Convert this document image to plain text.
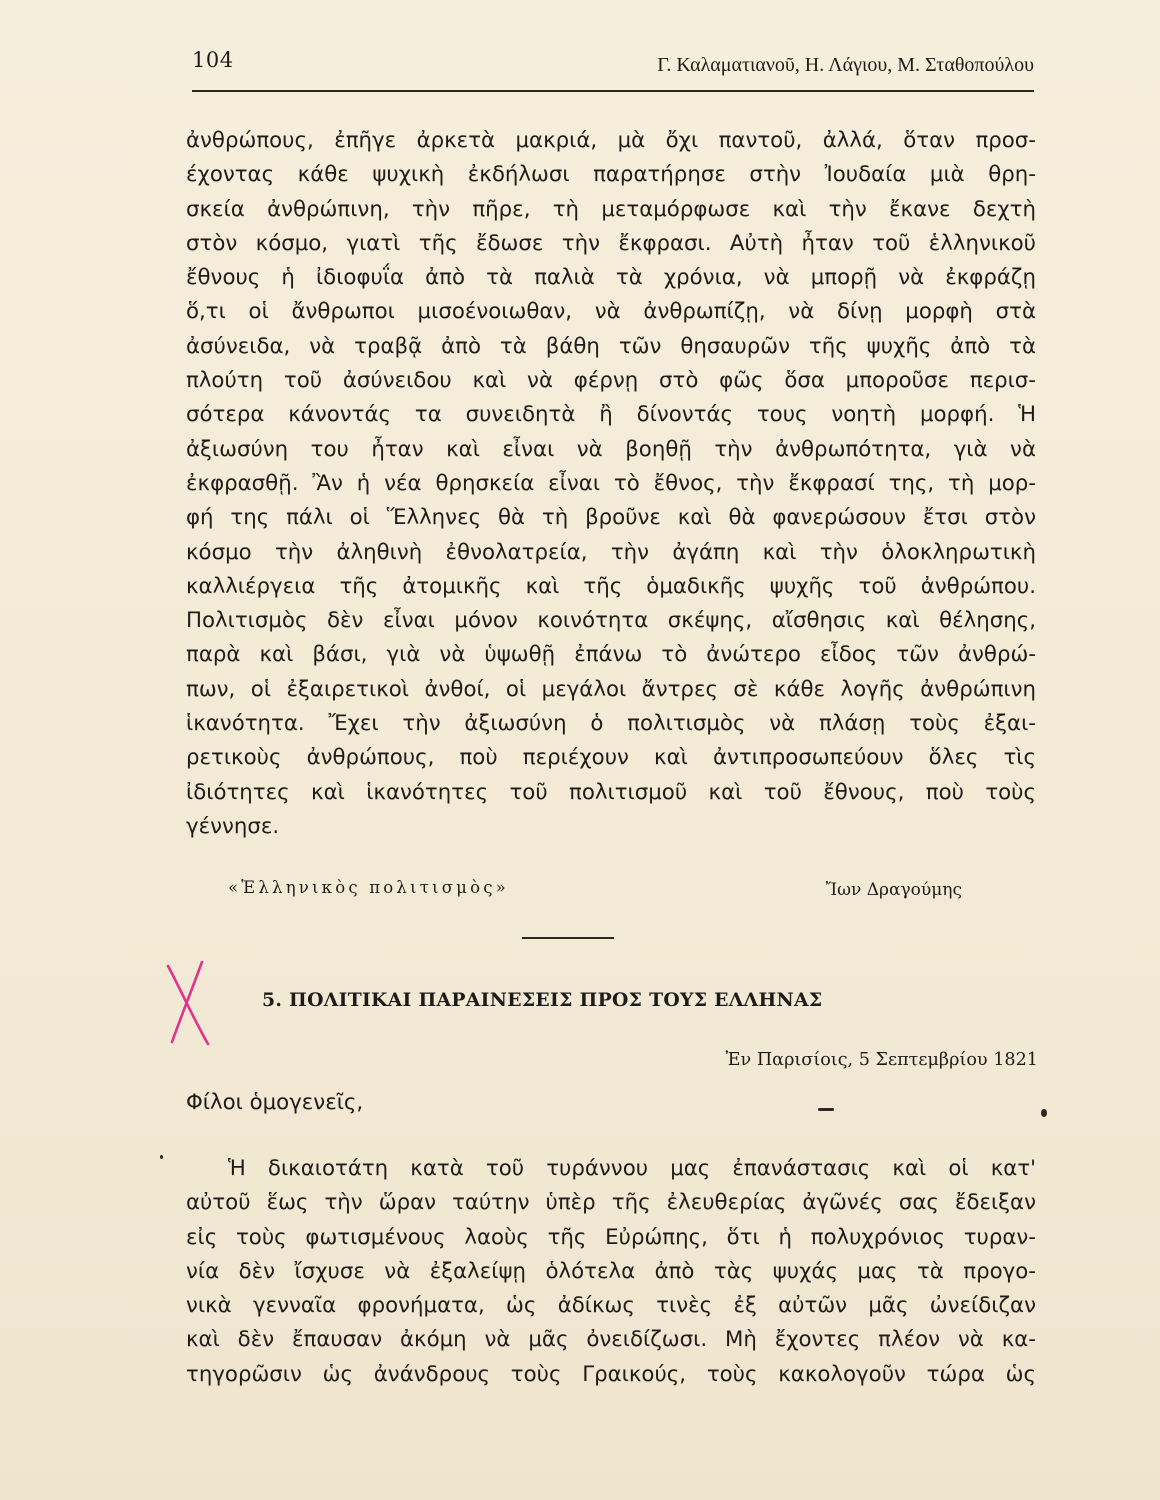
104	Γ. Καλαματιανοῦ, Η. Λάγιου, Μ. Σταθοπούλου
ἀνθρώπους, ἐπῆγε ἀρκετὰ μακριά, μὰ ὄχι παντοῦ, ἀλλά, ὅταν προσ-
έχοντας κάθε ψυχικὴ ἐκδήλωσι παρατήρησε στὴν Ἰουδαία μιὰ θρη-
σκεία ἀνθρώπινη, τὴν πῆρε, τὴ μεταμόρφωσε καὶ τὴν ἔκανε δεχτὴ
στὸν κόσμο, γιατὶ τῆς ἔδωσε τὴν ἔκφρασι. Αὐτὴ ἦταν τοῦ ἑλληνικοῦ
ἔθνους ἡ ἰδιοφυΐα ἀπὸ τὰ παλιὰ τὰ χρόνια, νὰ μπορῇ νὰ ἐκφράζῃ
ὅ,τι οἱ ἄνθρωποι μισοένοιωθαν, νὰ ἀνθρωπίζῃ, νὰ δίνῃ μορφὴ στὰ
ἀσύνειδα, νὰ τραβᾷ ἀπὸ τὰ βάθη τῶν θησαυρῶν τῆς ψυχῆς ἀπὸ τὰ
πλούτη τοῦ ἀσύνειδου καὶ νὰ φέρνῃ στὸ φῶς ὅσα μποροῦσε περισ-
σότερα κάνοντάς τα συνειδητὰ ἢ δίνοντάς τους νοητὴ μορφή. Ἡ
ἀξιωσύνη του ἦταν καὶ εἶναι νὰ βοηθῇ τὴν ἀνθρωπότητα, γιὰ νὰ
ἐκφρασθῇ. Ἂν ἡ νέα θρησκεία εἶναι τὸ ἔθνος, τὴν ἔκφρασί της, τὴ μορ-
φή της πάλι οἱ Ἕλληνες θὰ τὴ βροῦνε καὶ θὰ φανερώσουν ἔτσι στὸν
κόσμο τὴν ἀληθινὴ ἐθνολατρεία, τὴν ἀγάπη καὶ τὴν ὁλοκληρωτικὴ
καλλιέργεια τῆς ἀτομικῆς καὶ τῆς ὁμαδικῆς ψυχῆς τοῦ ἀνθρώπου.
Πολιτισμὸς δὲν εἶναι μόνον κοινότητα σκέψης, αἴσθησις καὶ θέλησης,
παρὰ καὶ βάσι, γιὰ νὰ ὑψωθῇ ἐπάνω τὸ ἀνώτερο εἶδος τῶν ἀνθρώ-
πων, οἱ ἐξαιρετικοὶ ἀνθοί, οἱ μεγάλοι ἄντρες σὲ κάθε λογῆς ἀνθρώπινη
ἱκανότητα. Ἔχει τὴν ἀξιωσύνη ὁ πολιτισμὸς νὰ πλάσῃ τοὺς ἐξαι-
ρετικοὺς ἀνθρώπους, ποὺ περιέχουν καὶ ἀντιπροσωπεύουν ὅλες τὶς
ἰδιότητες καὶ ἱκανότητες τοῦ πολιτισμοῦ καὶ τοῦ ἔθνους, ποὺ τοὺς
γέννησε.
«Ἑλληνικὸς πολιτισμὸς»	Ἴων Δραγούμης
5. ΠΟΛΙΤΙΚΑΙ ΠΑΡΑΙΝΕΣΕΙΣ ΠΡΟΣ ΤΟΥΣ ΕΛΛΗΝΑΣ
Ἐν Παρισίοις, 5 Σεπτεμβρίου 1821
Φίλοι ὁμογενεῖς,
Ἡ δικαιοτάτη κατὰ τοῦ τυράννου μας ἐπανάστασις καὶ οἱ κατ'
αὐτοῦ ἕως τὴν ὥραν ταύτην ὑπὲρ τῆς ἐλευθερίας ἀγῶνές σας ἔδειξαν
εἰς τοὺς φωτισμένους λαοὺς τῆς Εὐρώπης, ὅτι ἡ πολυχρόνιος τυραν-
νία δὲν ἴσχυσε νὰ ἐξαλείψῃ ὁλότελα ἀπὸ τὰς ψυχάς μας τὰ προγο-
νικὰ γενναῖα φρονήματα, ὡς ἀδίκως τινὲς ἐξ αὐτῶν μᾶς ὠνείδιζαν
καὶ δὲν ἔπαυσαν ἀκόμη νὰ μᾶς ὀνειδίζωσι. Μὴ ἔχοντες πλέον νὰ κα-
τηγορῶσιν ὡς ἀνάνδρους τοὺς Γραικούς, τοὺς κακολογοῦν τώρα ὡς
